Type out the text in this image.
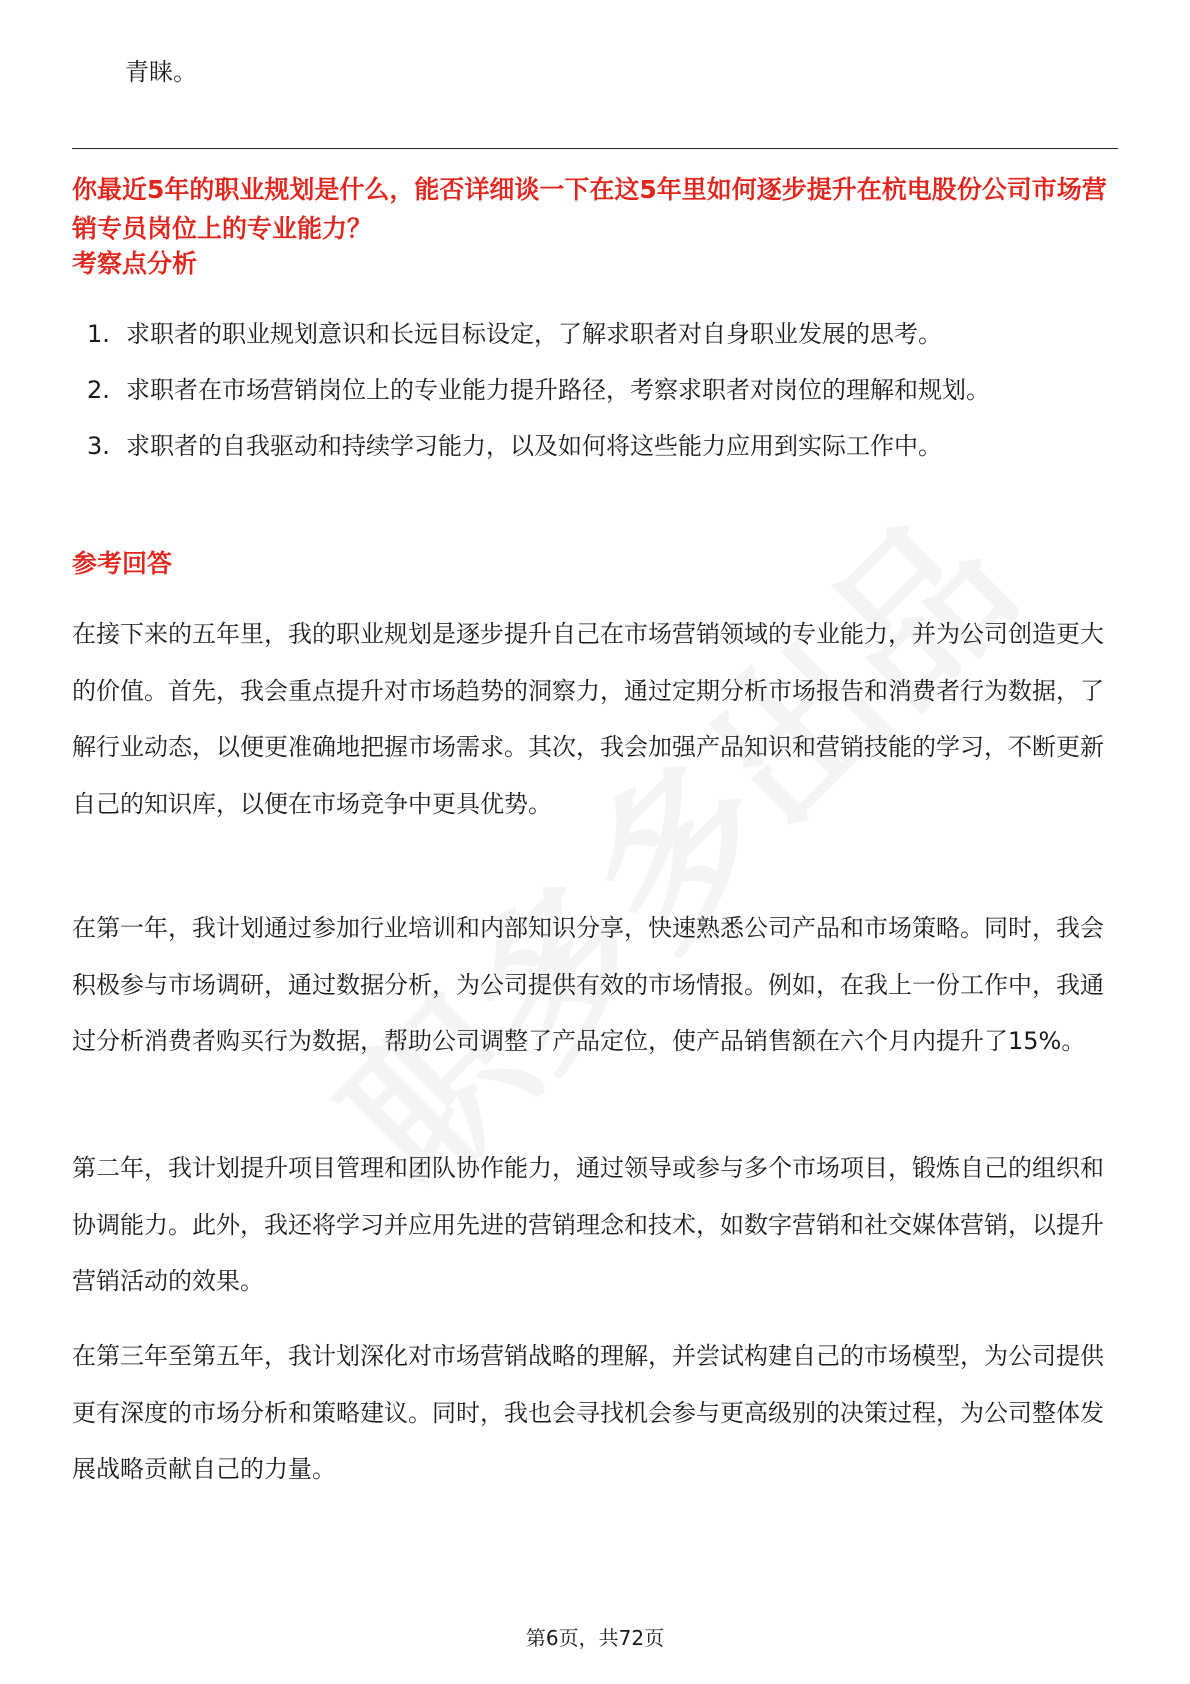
青睐。
你最近5年的职业规划是什么，能否详细谈一下在这5年里如何逐步提升在杭电股份公司市场营销专员岗位上的专业能力？
考察点分析
1. 求职者的职业规划意识和长远目标设定，了解求职者对自身职业发展的思考。
2. 求职者在市场营销岗位上的专业能力提升路径，考察求职者对岗位的理解和规划。
3. 求职者的自我驱动和持续学习能力，以及如何将这些能力应用到实际工作中。
参考回答

在接下来的五年里，我的职业规划是逐步提升自己在市场营销领域的专业能力，并为公司创造更大的价值。首先，我会重点提升对市场趋势的洞察力，通过定期分析市场报告和消费者行为数据，了解行业动态，以便更准确地把握市场需求。其次，我会加强产品知识和营销技能的学习，不断更新自己的知识库，以便在市场竞争中更具优势。

在第一年，我计划通过参加行业培训和内部知识分享，快速熟悉公司产品和市场策略。同时，我会积极参与市场调研，通过数据分析，为公司提供有效的市场情报。例如，在我上一份工作中，我通过分析消费者购买行为数据，帮助公司调整了产品定位，使产品销售额在六个月内提升了15%。

第二年，我计划提升项目管理和团队协作能力，通过领导或参与多个市场项目，锻炼自己的组织和协调能力。此外，我还将学习并应用先进的营销理念和技术，如数字营销和社交媒体营销，以提升营销活动的效果。

在第三年至第五年，我计划深化对市场营销战略的理解，并尝试构建自己的市场模型，为公司提供更有深度的市场分析和策略建议。同时，我也会寻找机会参与更高级别的决策过程，为公司整体发展战略贡献自己的力量。

第6页，共72页
